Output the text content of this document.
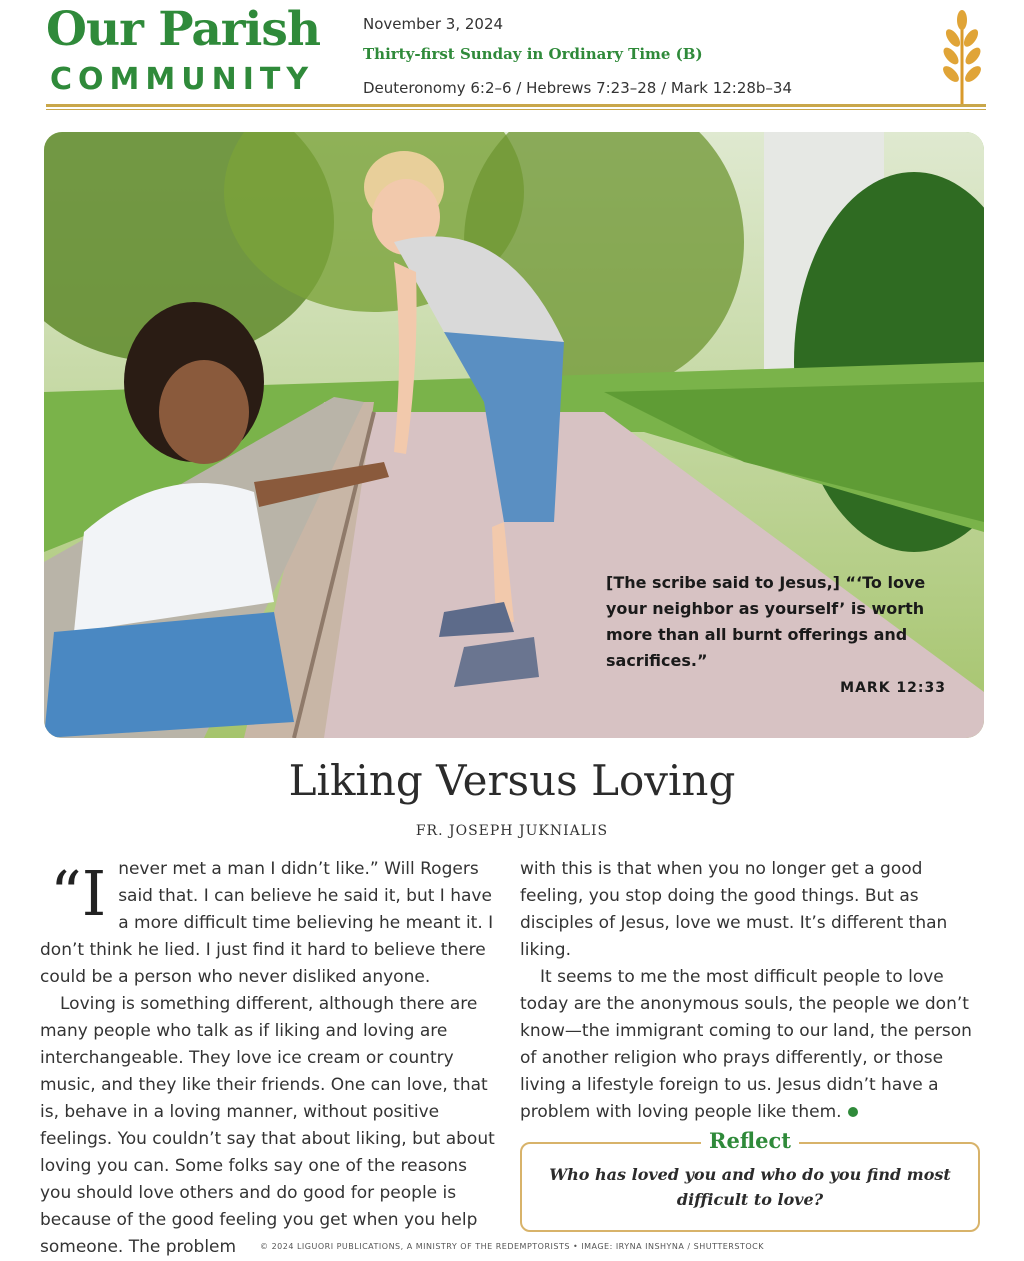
Our Parish
COMMUNITY
November 3, 2024
Thirty-first Sunday in Ordinary Time (B)
Deuteronomy 6:2–6 / Hebrews 7:23–28 / Mark 12:28b–34
[The scribe said to Jesus,] “‘To love your neighbor as yourself’ is worth more than all burnt offerings and sacrifices.”
MARK 12:33
Liking Versus Loving
FR. JOSEPH JUKNIALIS

“Inever met a man I didn’t like.” Will Rogers said that. I can believe he said it, but I have a more difficult time believing he meant it. I don’t think he lied. I just find it hard to believe there could be a person who never disliked anyone.

Loving is something different, although there are many people who talk as if liking and loving are interchangeable. They love ice cream or country music, and they like their friends. One can love, that is, behave in a loving manner, without positive feelings. You couldn’t say that about liking, but about loving you can. Some folks say one of the reasons you should love others and do good for people is because of the good feeling you get when you help someone. The problem

with this is that when you no longer get a good feeling, you stop doing the good things. But as disciples of Jesus, love we must. It’s different than liking.

It seems to me the most difficult people to love today are the anonymous souls, the people we don’t know—the immigrant coming to our land, the person of another religion who prays differently, or those living a lifestyle foreign to us. Jesus didn’t have a problem with loving people like them.

Reflect
Who has loved you and who do you find most difficult to love?
© 2024 LIGUORI PUBLICATIONS, A MINISTRY OF THE REDEMPTORISTS • IMAGE: IRYNA INSHYNA / SHUTTERSTOCK
